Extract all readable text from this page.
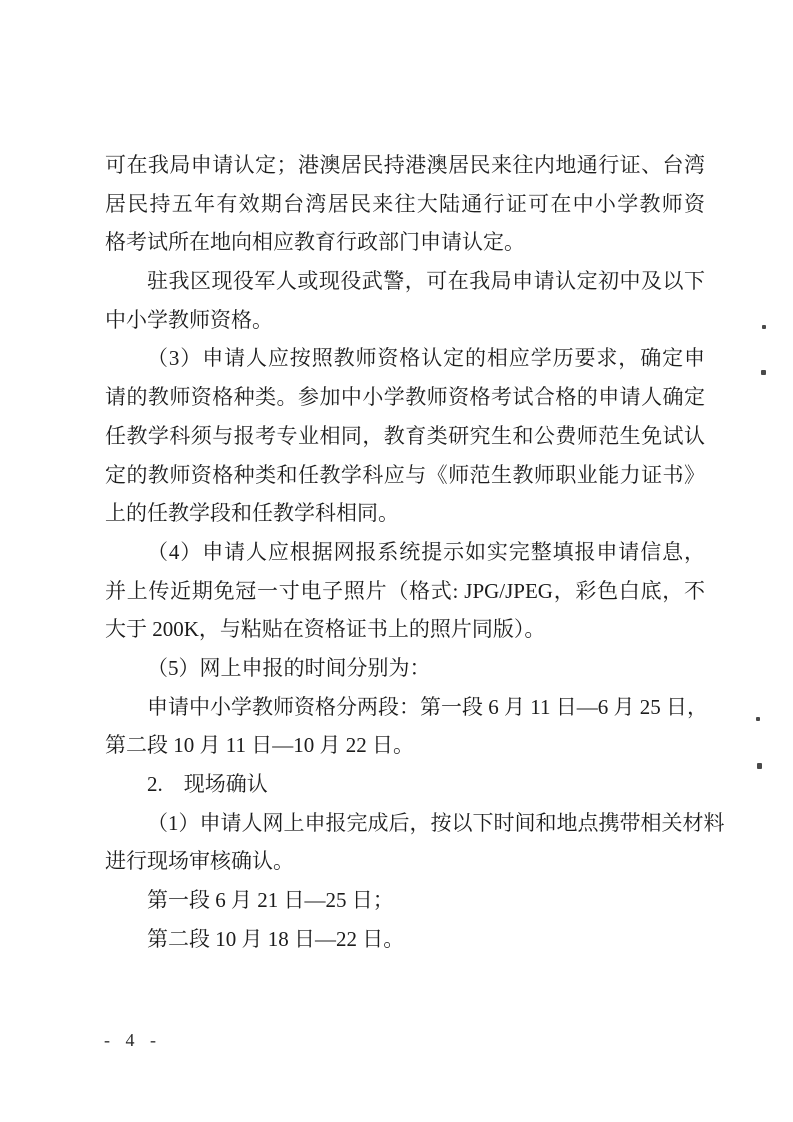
可在我局申请认定；港澳居民持港澳居民来往内地通行证、台湾
居民持五年有效期台湾居民来往大陆通行证可在中小学教师资
格考试所在地向相应教育行政部门申请认定。
驻我区现役军人或现役武警，可在我局申请认定初中及以下
中小学教师资格。
（3）申请人应按照教师资格认定的相应学历要求，确定申
请的教师资格种类。参加中小学教师资格考试合格的申请人确定
任教学科须与报考专业相同，教育类研究生和公费师范生免试认
定的教师资格种类和任教学科应与《师范生教师职业能力证书》
上的任教学段和任教学科相同。
（4）申请人应根据网报系统提示如实完整填报申请信息，
并上传近期免冠一寸电子照片（格式: JPG/JPEG，彩色白底，不
大于 200K，与粘贴在资格证书上的照片同版）。
（5）网上申报的时间分别为：
申请中小学教师资格分两段：第一段 6 月 11 日—6 月 25 日，
第二段 10 月 11 日—10 月 22 日。
2.　现场确认
（1）申请人网上申报完成后，按以下时间和地点携带相关材料
进行现场审核确认。
第一段 6 月 21 日—25 日；
第二段 10 月 18 日—22 日。
- 4 -
